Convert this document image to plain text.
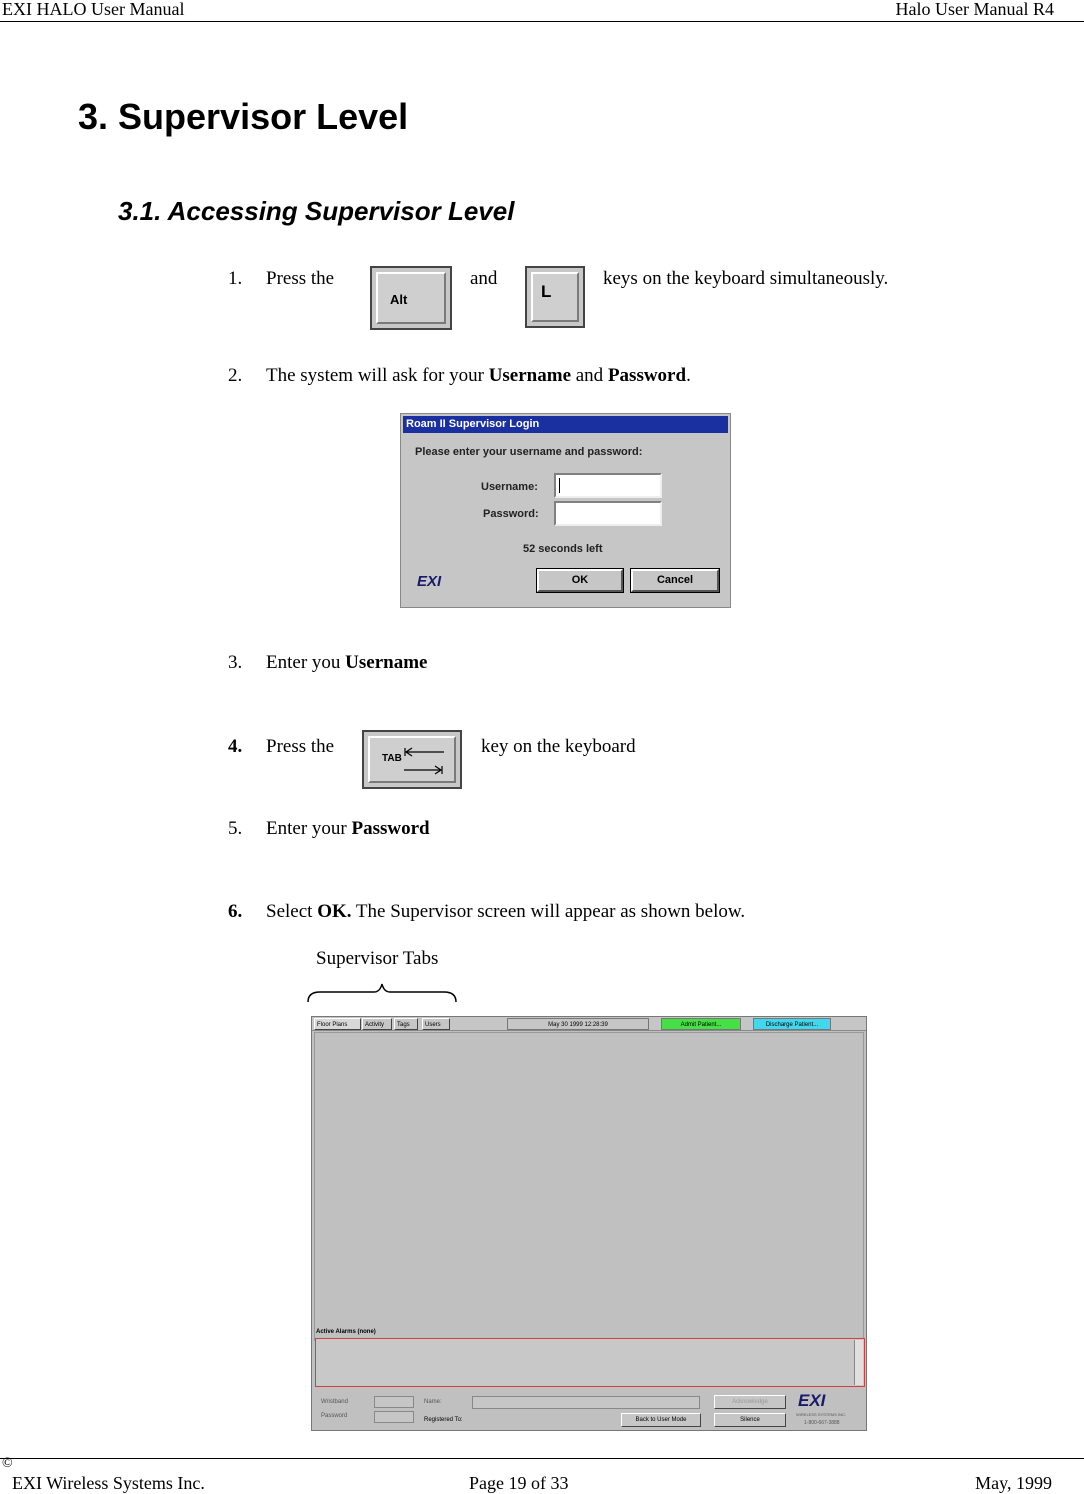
EXI HALO User Manual	Halo User Manual R4
3. Supervisor Level
3.1. Accessing Supervisor Level
1. Press the	and	keys on the keyboard simultaneously.
Alt	L
2. The system will ask for your Username and Password.
Roam II Supervisor Login
Please enter your username and password:
Username:
Password:
52 seconds left
EXI	OK	Cancel
3. Enter you Username
4. Press the	key on the keyboard
TAB
5. Enter your Password
6. Select OK. The Supervisor screen will appear as shown below.
Supervisor Tabs
Floor Plans	Activity	Tags	Users	May 30 1999 12:28:39	Admit Patient...	Discharge Patient...
Active Alarms (none)
Wristband
Password
Name:
Registered To:
Acknowledge
Back to User Mode	Silence
EXI
WIRELESS SYSTEMS INC.
1-800-667-3888
©
EXI Wireless Systems Inc.	Page 19 of 33	May, 1999
